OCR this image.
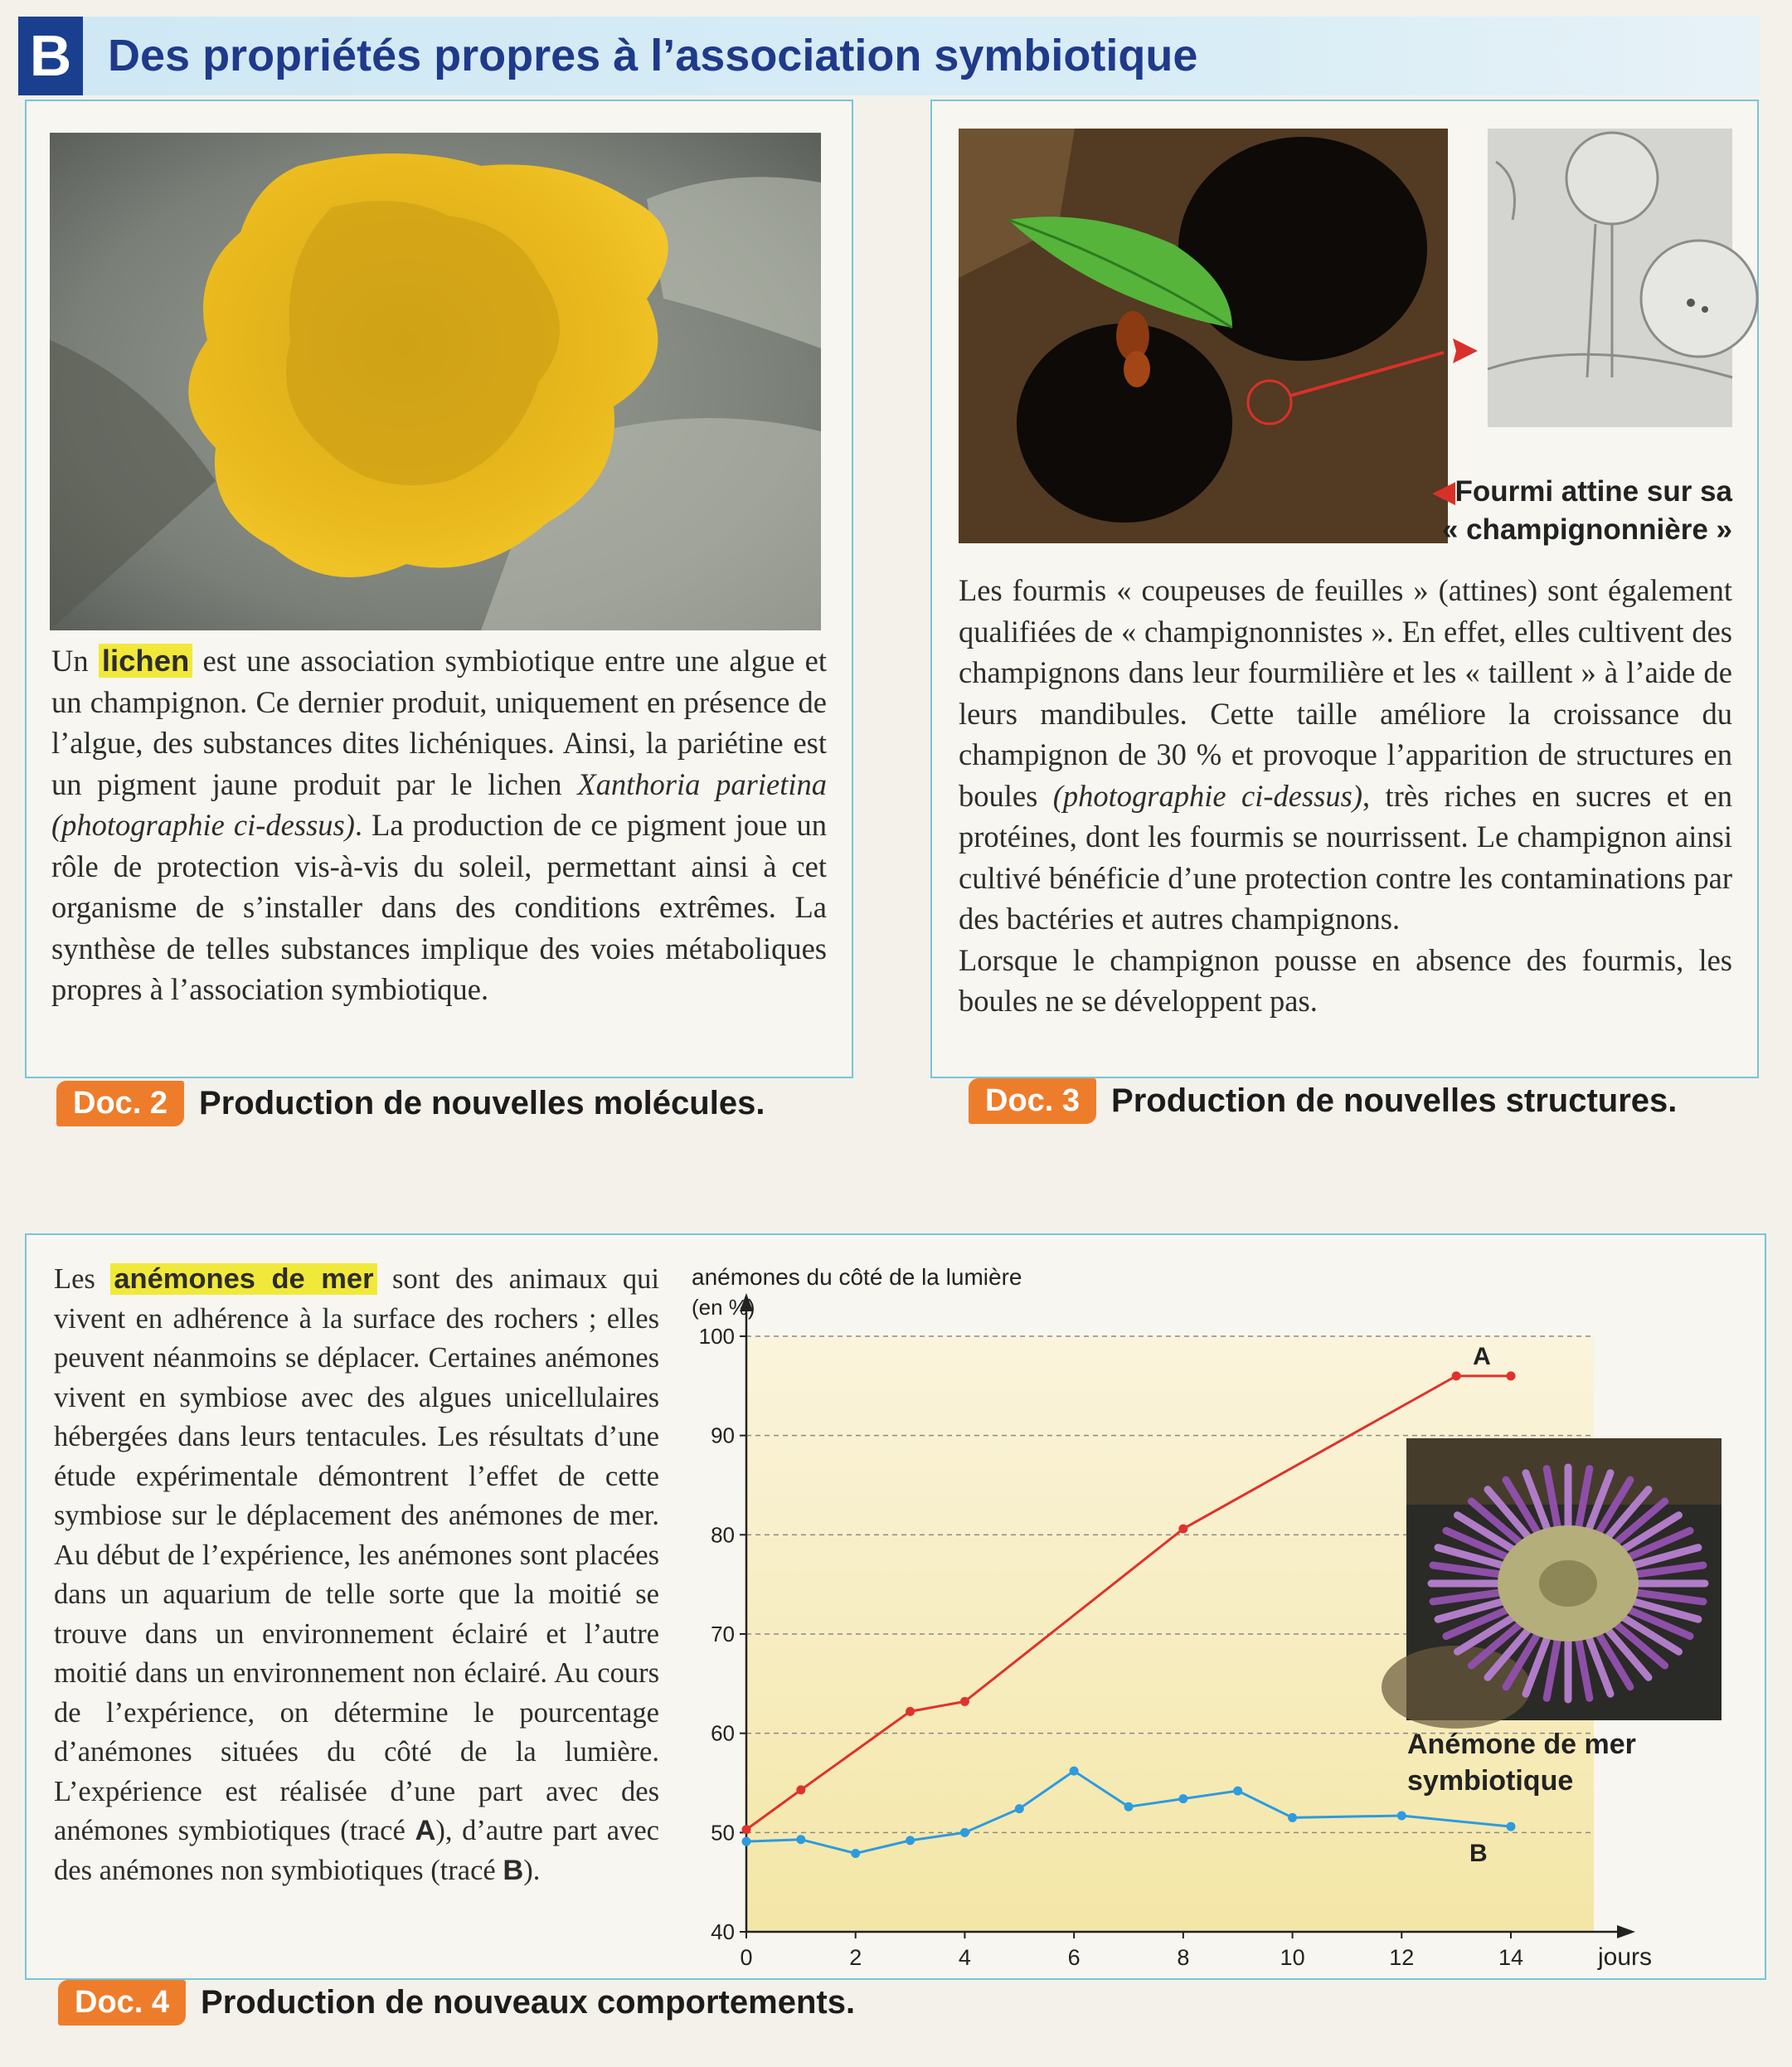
B Des propriétés propres à l’association symbiotique
Un lichen est une association symbiotique entre une algue et un champignon. Ce dernier produit, uniquement en présence de l’algue, des substances dites lichéniques. Ainsi, la pariétine est un pigment jaune produit par le lichen Xanthoria parietina (photographie ci-dessus). La production de ce pigment joue un rôle de protection vis-à-vis du soleil, permettant ainsi à cet organisme de s’installer dans des conditions extrêmes. La synthèse de telles substances implique des voies métaboliques propres à l’association symbiotique.
Doc. 2 Production de nouvelles molécules.
◀Fourmi attine sur sa
« champignonnière »
Les fourmis « coupeuses de feuilles » (attines) sont également qualifiées de « champignonnistes ». En effet, elles cultivent des champignons dans leur fourmilière et les « taillent » à l’aide de leurs mandibules. Cette taille améliore la croissance du champignon de 30 % et provoque l’apparition de structures en boules (photographie ci-dessus), très riches en sucres et en protéines, dont les fourmis se nourrissent. Le champignon ainsi cultivé bénéficie d’une protection contre les contaminations par des bactéries et autres champignons.
Lorsque le champignon pousse en absence des fourmis, les boules ne se développent pas.
Doc. 3 Production de nouvelles structures.
Les anémones de mer sont des animaux qui vivent en adhérence à la surface des rochers ; elles peuvent néanmoins se déplacer. Certaines anémones vivent en symbiose avec des algues unicellulaires hébergées dans leurs tentacules. Les résultats d’une étude expérimentale démontrent l’effet de cette symbiose sur le déplacement des anémones de mer. Au début de l’expérience, les anémones sont placées dans un aquarium de telle sorte que la moitié se trouve dans un environnement éclairé et l’autre moitié dans un environnement non éclairé. Au cours de l’expérience, on détermine le pourcentage d’anémones situées du côté de la lumière. L’expérience est réalisée d’une part avec des anémones symbiotiques (tracé A), d’autre part avec des anémones non symbiotiques (tracé B).
40
50
60
70
80
90
100
0	2	4	6	8	10	12	14
anémones du côté de la lumière
(en %)
jours
A
B
Anémone de mer
symbiotique
Doc. 4 Production de nouveaux comportements.
